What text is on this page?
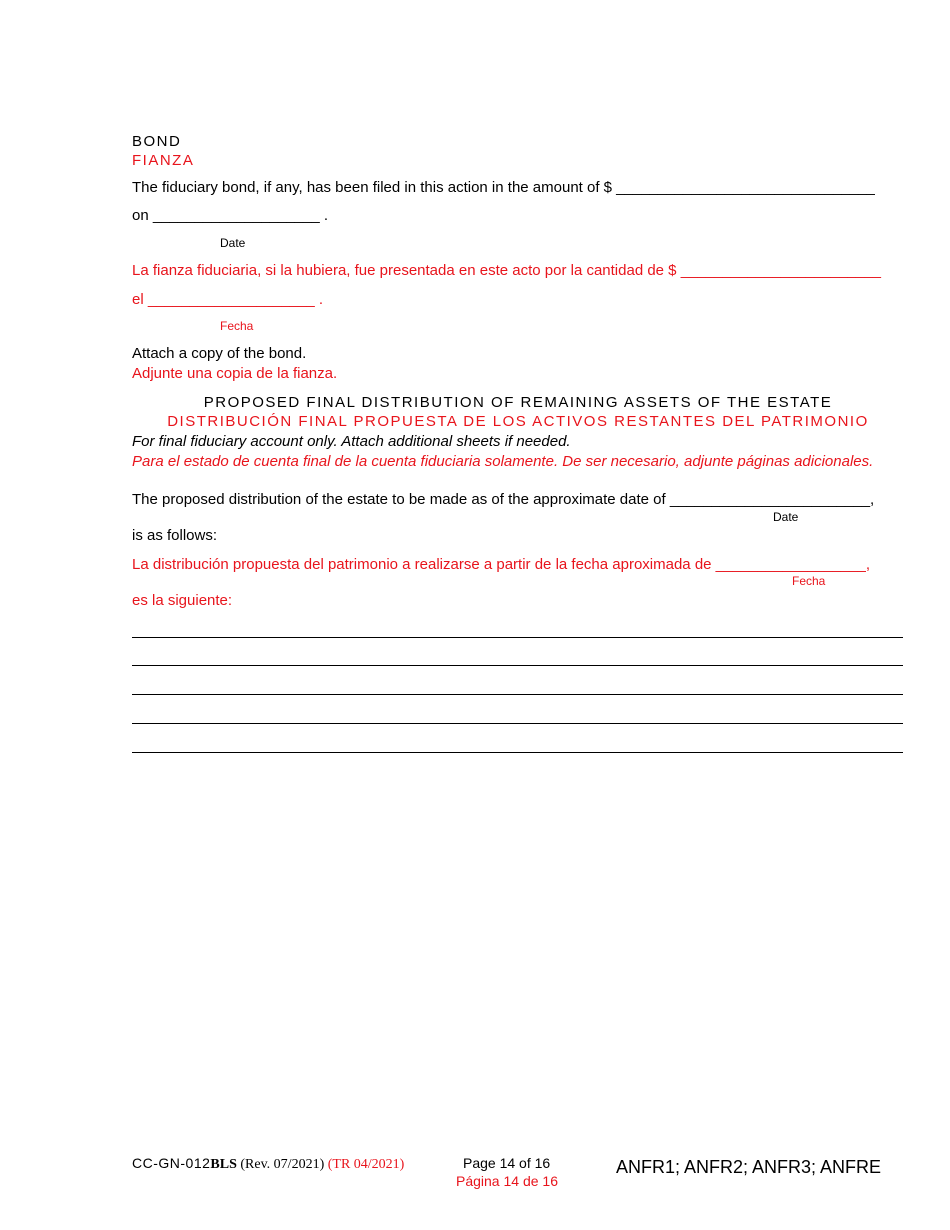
BOND
FIANZA
The fiduciary bond, if any, has been filed in this action in the amount of $ _______________________________
on ____________________ .
Date
La fianza fiduciaria, si la hubiera, fue presentada en este acto por la cantidad de $ ________________________
el ____________________ .
Fecha
Attach a copy of the bond.
Adjunte una copia de la fianza.
PROPOSED FINAL DISTRIBUTION OF REMAINING ASSETS OF THE ESTATE
DISTRIBUCIÓN FINAL PROPUESTA DE LOS ACTIVOS RESTANTES DEL PATRIMONIO
For final fiduciary account only. Attach additional sheets if needed.
Para el estado de cuenta final de la cuenta fiduciaria solamente. De ser necesario, adjunte páginas adicionales.
The proposed distribution of the estate to be made as of the approximate date of ________________________,
Date
is as follows:
La distribución propuesta del patrimonio a realizarse a partir de la fecha aproximada de __________________,
Fecha
es la siguiente:
CC-GN-012BLS (Rev. 07/2021) (TR 04/2021)	Page 14 of 16
Página 14 de 16
ANFR1; ANFR2; ANFR3; ANFRE
